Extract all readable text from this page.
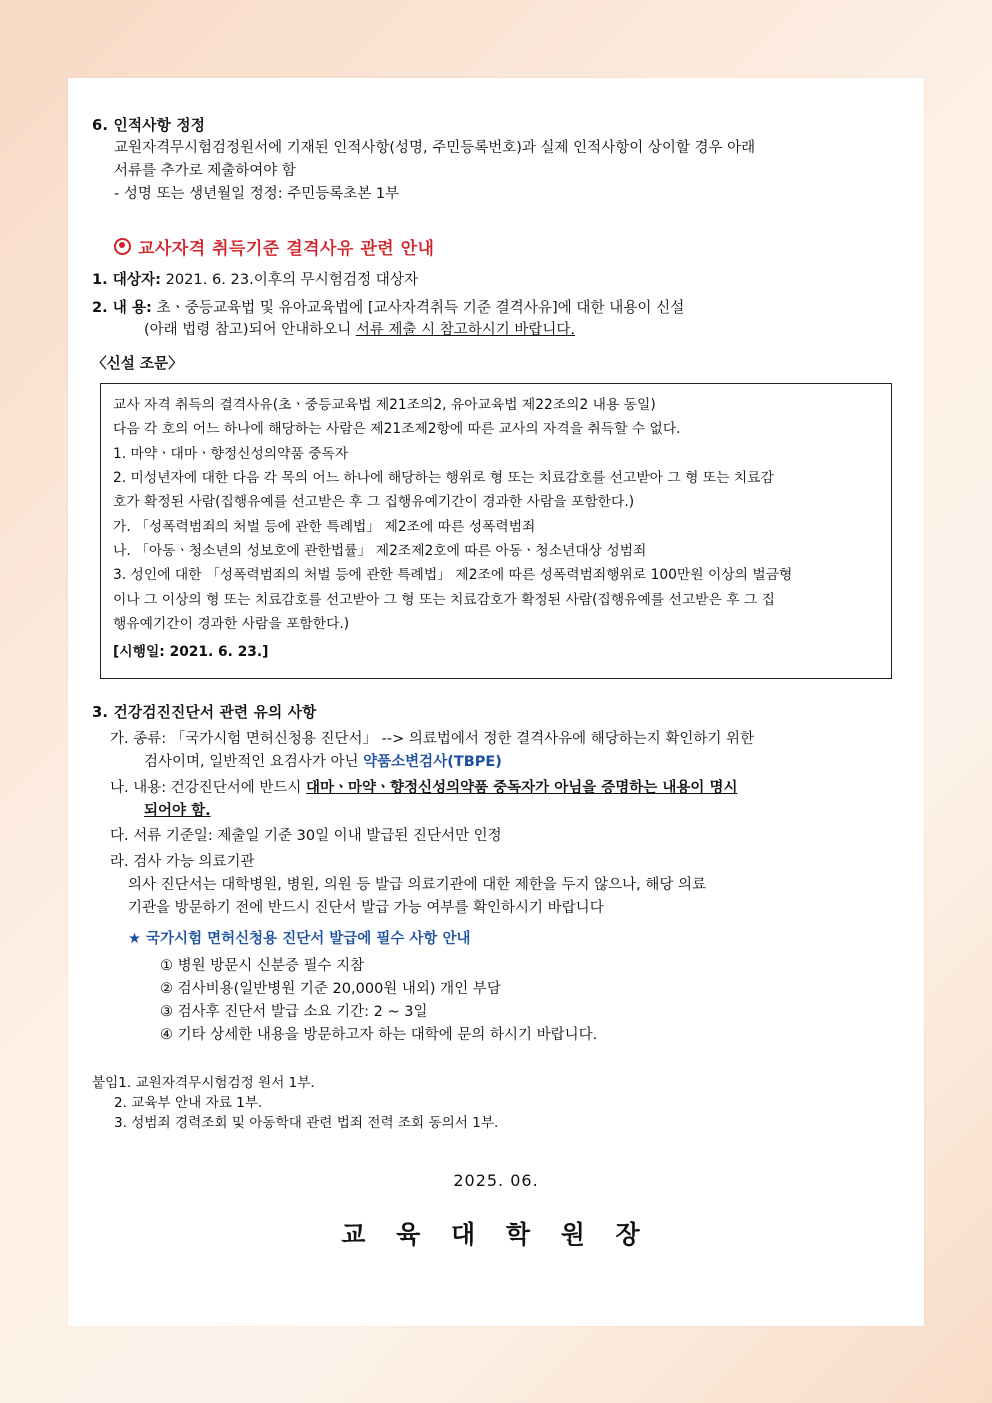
6. 인적사항 정정
교원자격무시험검정원서에 기재된 인적사항(성명, 주민등록번호)과 실제 인적사항이 상이할 경우 아래
서류를 추가로 제출하여야 함
- 성명 또는 생년월일 정정: 주민등록초본 1부
교사자격 취득기준 결격사유 관련 안내
1. 대상자: 2021. 6. 23.이후의 무시험검정 대상자
2. 내 용: 초ㆍ중등교육법 및 유아교육법에 [교사자격취득 기준 결격사유]에 대한 내용이 신설
(아래 법령 참고)되어 안내하오니 서류 제출 시 참고하시기 바랍니다.
〈신설 조문〉

교사 자격 취득의 결격사유(초ㆍ중등교육법 제21조의2, 유아교육법 제22조의2 내용 동일)

다음 각 호의 어느 하나에 해당하는 사람은 제21조제2항에 따른 교사의 자격을 취득할 수 없다.

1. 마약ㆍ대마ㆍ향정신성의약품 중독자

2. 미성년자에 대한 다음 각 목의 어느 하나에 해당하는 행위로 형 또는 치료감호를 선고받아 그 형 또는 치료감

호가 확정된 사람(집행유예를 선고받은 후 그 집행유예기간이 경과한 사람을 포함한다.)

가. 「성폭력범죄의 처벌 등에 관한 특례법」 제2조에 따른 성폭력범죄

나. 「아동ㆍ청소년의 성보호에 관한법률」 제2조제2호에 따른 아동ㆍ청소년대상 성범죄

3. 성인에 대한 「성폭력범죄의 처벌 등에 관한 특례법」 제2조에 따른 성폭력범죄행위로 100만원 이상의 벌금형

이나 그 이상의 형 또는 치료감호를 선고받아 그 형 또는 치료감호가 확정된 사람(집행유예를 선고받은 후 그 집

행유예기간이 경과한 사람을 포함한다.)

[시행일: 2021. 6. 23.]

3. 건강검진진단서 관련 유의 사항
가. 종류: 「국가시험 면허신청용 진단서」 --> 의료법에서 정한 결격사유에 해당하는지 확인하기 위한
검사이며, 일반적인 요검사가 아닌 약품소변검사(TBPE)
나. 내용: 건강진단서에 반드시 대마ㆍ마약ㆍ향정신성의약품 중독자가 아님을 증명하는 내용이 명시
되어야 함.
다. 서류 기준일: 제출일 기준 30일 이내 발급된 진단서만 인정
라. 검사 가능 의료기관
의사 진단서는 대학병원, 병원, 의원 등 발급 의료기관에 대한 제한을 두지 않으나, 해당 의료
기관을 방문하기 전에 반드시 진단서 발급 가능 여부를 확인하시기 바랍니다
★ 국가시험 면허신청용 진단서 발급에 필수 사항 안내
① 병원 방문시 신분증 필수 지참
② 검사비용(일반병원 기준 20,000원 내외) 개인 부담
③ 검사후 진단서 발급 소요 기간: 2 ~ 3일
④ 기타 상세한 내용을 방문하고자 하는 대학에 문의 하시기 바랍니다.
붙임1. 교원자격무시험검정 원서 1부.
2. 교육부 안내 자료 1부.
3. 성범죄 경력조회 및 아동학대 관련 법죄 전력 조회 동의서 1부.
2025. 06.
교 육 대 학 원 장
